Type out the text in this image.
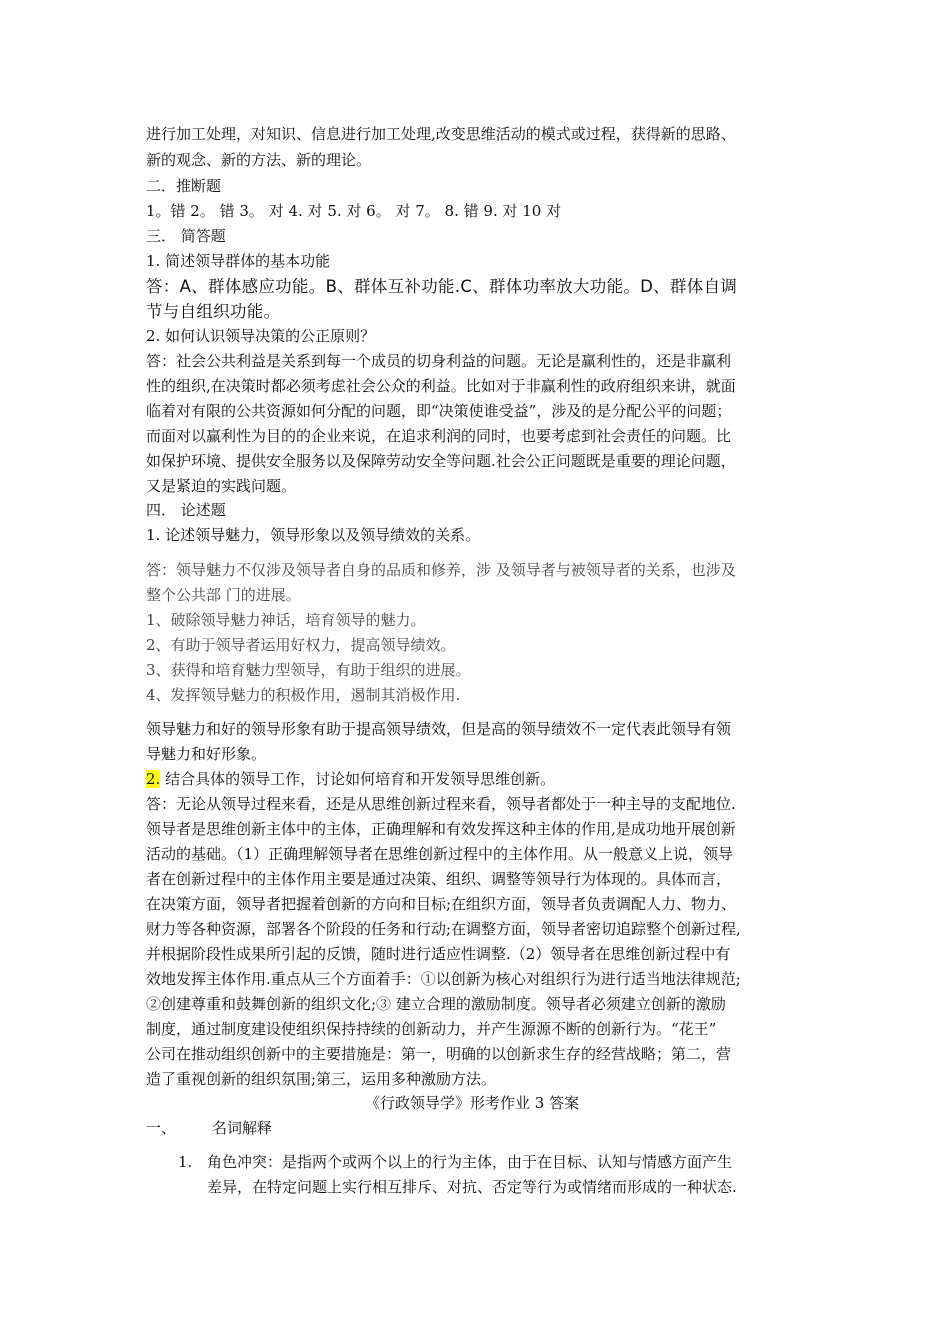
进行加工处理，对知识、信息进行加工处理,改变思维活动的模式或过程，获得新的思路、
新的观念、新的方法、新的理论。
二．推断题
1。错 2。 错 3。 对 4. 对 5. 对 6。 对 7。 8. 错 9. 对 10 对
三． 简答题
1. 简述领导群体的基本功能
答：A、群体感应功能。B、群体互补功能.C、群体功率放大功能。D、群体自调
节与自组织功能。
2. 如何认识领导决策的公正原则？
答：社会公共利益是关系到每一个成员的切身利益的问题。无论是赢利性的，还是非赢利
性的组织,在决策时都必须考虑社会公众的利益。比如对于非赢利性的政府组织来讲，就面
临着对有限的公共资源如何分配的问题，即“决策使谁受益”，涉及的是分配公平的问题；
而面对以赢利性为目的的企业来说，在追求利润的同时，也要考虑到社会责任的问题。比
如保护环境、提供安全服务以及保障劳动安全等问题.社会公正问题既是重要的理论问题，
又是紧迫的实践问题。
四． 论述题
1. 论述领导魅力，领导形象以及领导绩效的关系。
答：领导魅力不仅涉及领导者自身的品质和修养，涉 及领导者与被领导者的关系，也涉及
整个公共部 门的进展。
1、破除领导魅力神话，培育领导的魅力。
2、有助于领导者运用好权力，提高领导绩效。
3、获得和培育魅力型领导，有助于组织的进展。
4、发挥领导魅力的积极作用，遏制其消极作用.
领导魅力和好的领导形象有助于提高领导绩效，但是高的领导绩效不一定代表此领导有领
导魅力和好形象。
2. 结合具体的领导工作，讨论如何培育和开发领导思维创新。
答：无论从领导过程来看，还是从思维创新过程来看，领导者都处于一种主导的支配地位.
领导者是思维创新主体中的主体，正确理解和有效发挥这种主体的作用,是成功地开展创新
活动的基础。（1）正确理解领导者在思维创新过程中的主体作用。从一般意义上说，领导
者在创新过程中的主体作用主要是通过决策、组织、调整等领导行为体现的。具体而言，
在决策方面，领导者把握着创新的方向和目标;在组织方面，领导者负责调配人力、物力、
财力等各种资源，部署各个阶段的任务和行动;在调整方面，领导者密切追踪整个创新过程,
并根据阶段性成果所引起的反馈，随时进行适应性调整.（2）领导者在思维创新过程中有
效地发挥主体作用.重点从三个方面着手：①以创新为核心对组织行为进行适当地法律规范;
②创建尊重和鼓舞创新的组织文化;③ 建立合理的激励制度。领导者必须建立创新的激励
制度，通过制度建设使组织保持持续的创新动力，并产生源源不断的创新行为。“花王”
公司在推动组织创新中的主要措施是：第一，明确的以创新求生存的经营战略；第二，营
造了重视创新的组织氛围;第三，运用多种激励方法。
《行政领导学》形考作业 3 答案
一、 名词解释
1. 角色冲突：是指两个或两个以上的行为主体，由于在目标、认知与情感方面产生
差异，在特定问题上实行相互排斥、对抗、否定等行为或情绪而形成的一种状态.
